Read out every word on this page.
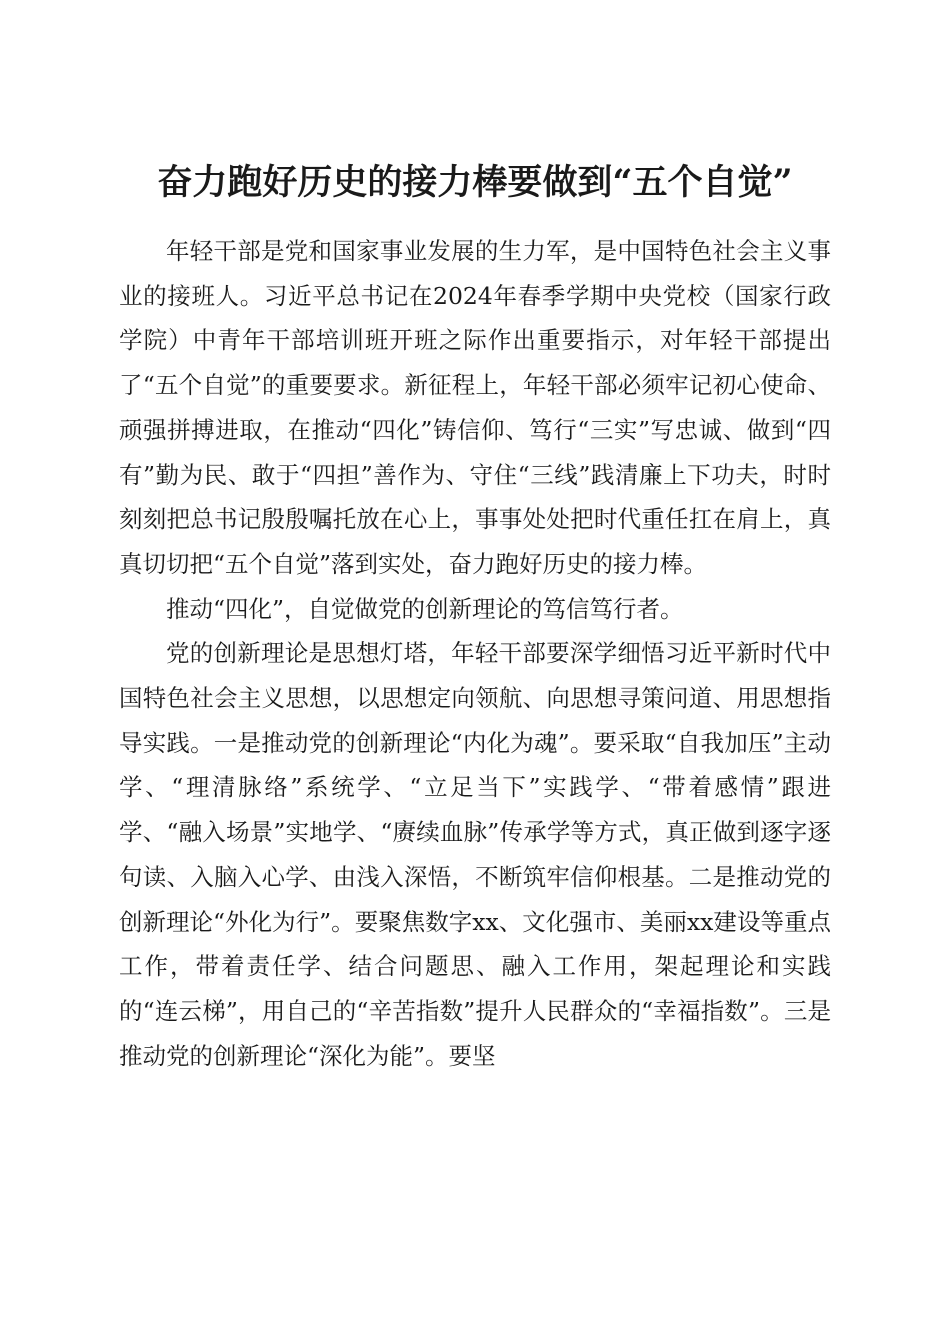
奋力跑好历史的接力棒要做到“五个自觉”

年轻干部是党和国家事业发展的生力军，是中国特色社会主义事业的接班人。习近平总书记在2024年春季学期中央党校（国家行政学院）中青年干部培训班开班之际作出重要指示，对年轻干部提出了“五个自觉”的重要要求。新征程上，年轻干部必须牢记初心使命、顽强拼搏进取，在推动“四化”铸信仰、笃行“三实”写忠诚、做到“四有”勤为民、敢于“四担”善作为、守住“三线”践清廉上下功夫，时时刻刻把总书记殷殷嘱托放在心上，事事处处把时代重任扛在肩上，真真切切把“五个自觉”落到实处，奋力跑好历史的接力棒。

推动“四化”，自觉做党的创新理论的笃信笃行者。

党的创新理论是思想灯塔，年轻干部要深学细悟习近平新时代中国特色社会主义思想，以思想定向领航、向思想寻策问道、用思想指导实践。一是推动党的创新理论“内化为魂”。要采取“自我加压”主动学、“理清脉络”系统学、“立足当下”实践学、“带着感情”跟进学、“融入场景”实地学、“赓续血脉”传承学等方式，真正做到逐字逐句读、入脑入心学、由浅入深悟，不断筑牢信仰根基。二是推动党的创新理论“外化为行”。要聚焦数字xx、文化强市、美丽xx建设等重点工作，带着责任学、结合问题思、融入工作用，架起理论和实践的“连云梯”，用自己的“辛苦指数”提升人民群众的“幸福指数”。三是推动党的创新理论“深化为能”。要坚
